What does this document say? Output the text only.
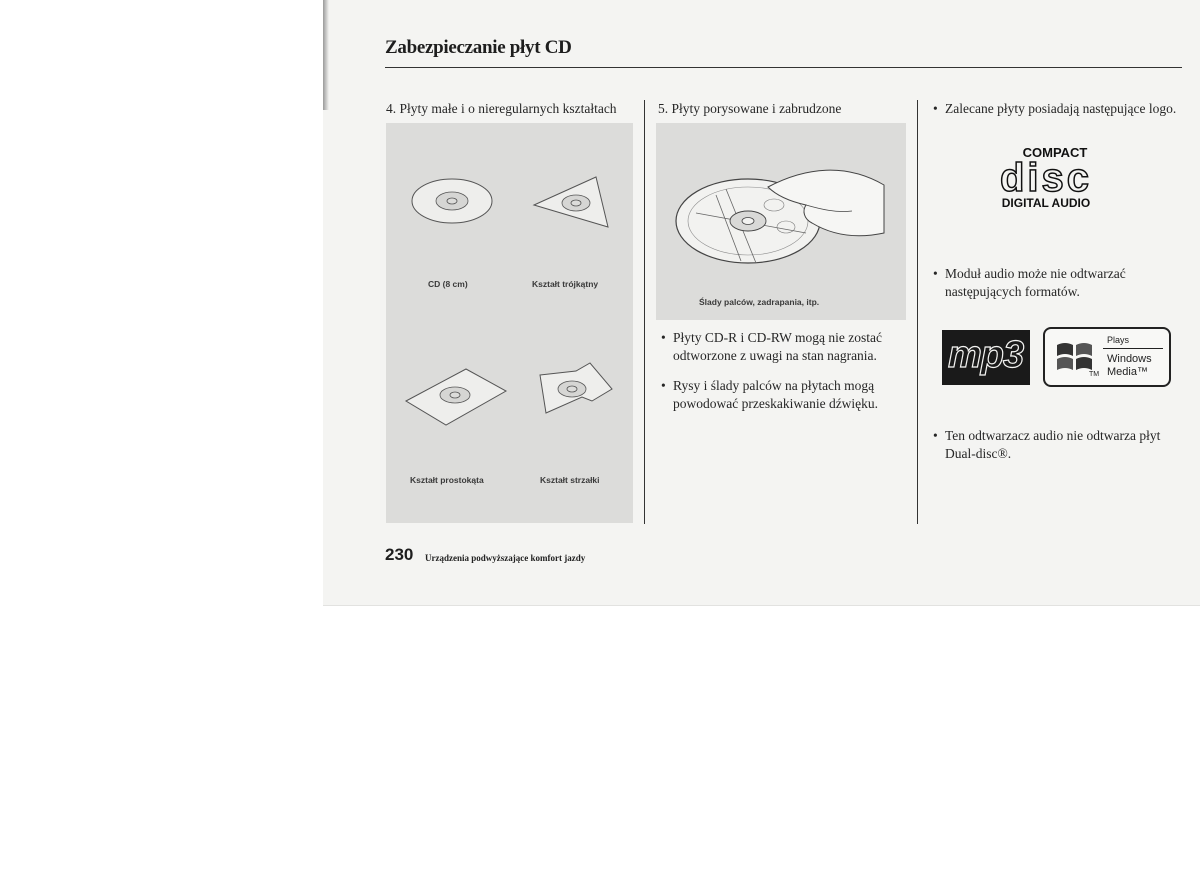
Zabezpieczanie płyt CD
4. Płyty małe i o nieregularnych kształtach
CD (8 cm)	Kształt trójkątny
Kształt prostokąta	Kształt strzałki
5. Płyty porysowane i zabrudzone
Ślady palców, zadrapania, itp.
• Płyty CD-R i CD-RW mogą nie zostać odtworzone z uwagi na stan nagrania.
• Rysy i ślady palców na płytach mogą powodować przeskakiwanie dźwięku.
• Zalecane płyty posiadają następujące logo.
COMPACT
disc
DIGITAL AUDIO
• Moduł audio może nie odtwarzać następujących formatów.
mp3	Plays
Windows
TM Media™
• Ten odtwarzacz audio nie odtwarza płyt Dual-disc®.
230 Urządzenia podwyższające komfort jazdy
